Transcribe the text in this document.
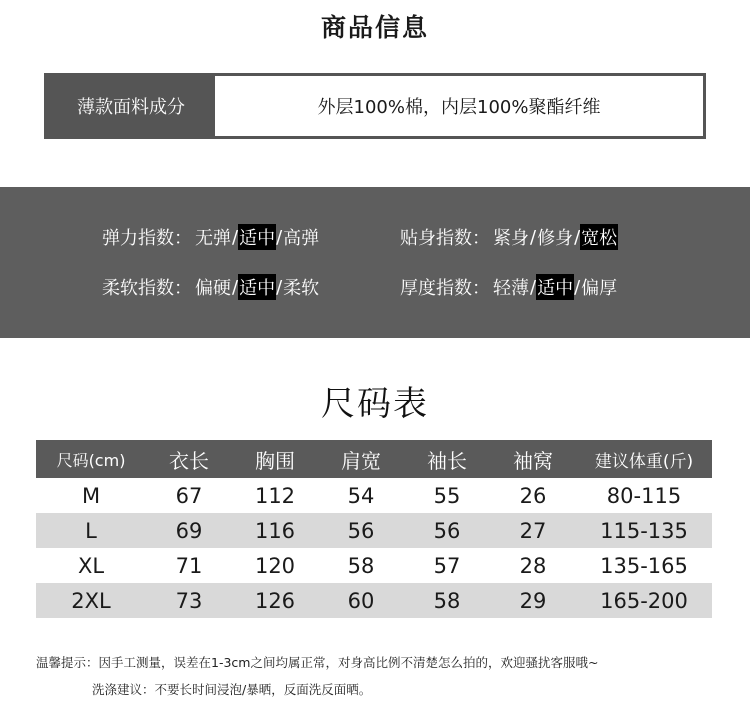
商品信息
薄款面料成分	外层100%棉，内层100%聚酯纤维
弹力指数： 无弹 / 适中 / 高弹	贴身指数： 紧身 / 修身 / 宽松
柔软指数： 偏硬 / 适中 / 柔软	厚度指数： 轻薄 / 适中 / 偏厚
尺码表
尺码(cm)	衣长	胸围	肩宽	袖长	袖窝	建议体重(斤)
M	67	112	54	55	26	80-115
L	69	116	56	56	27	115-135
XL	71	120	58	57	28	135-165
2XL	73	126	60	58	29	165-200
温馨提示：因手工测量，误差在1-3cm之间均属正常，对身高比例不清楚怎么拍的，欢迎骚扰客服哦~
洗涤建议：不要长时间浸泡/暴晒，反面洗反面晒。
